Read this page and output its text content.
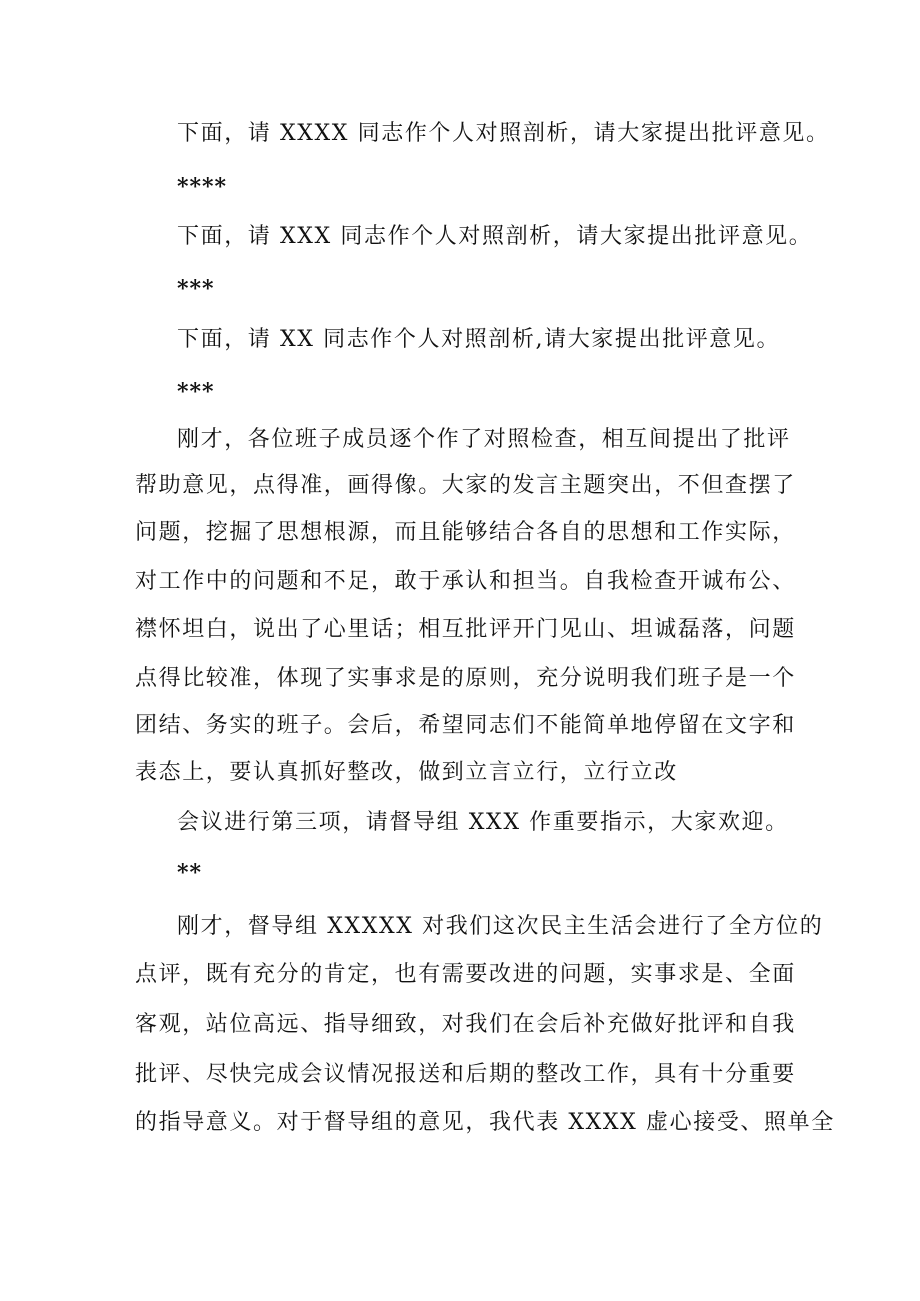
下面，请 XXXX 同志作个人对照剖析，请大家提出批评意见。

****

下面，请 XXX 同志作个人对照剖析，请大家提出批评意见。

***

下面，请 XX 同志作个人对照剖析,请大家提出批评意见。

***

刚才，各位班子成员逐个作了对照检查，相互间提出了批评

帮助意见，点得准，画得像。大家的发言主题突出，不但查摆了

问题，挖掘了思想根源，而且能够结合各自的思想和工作实际，

对工作中的问题和不足，敢于承认和担当。自我检查开诚布公、

襟怀坦白，说出了心里话；相互批评开门见山、坦诚磊落，问题

点得比较准，体现了实事求是的原则，充分说明我们班子是一个

团结、务实的班子。会后，希望同志们不能简单地停留在文字和

表态上，要认真抓好整改，做到立言立行，立行立改

会议进行第三项，请督导组 XXX 作重要指示，大家欢迎。

**

刚才，督导组 XXXXX 对我们这次民主生活会进行了全方位的

点评，既有充分的肯定，也有需要改进的问题，实事求是、全面

客观，站位高远、指导细致，对我们在会后补充做好批评和自我

批评、尽快完成会议情况报送和后期的整改工作，具有十分重要

的指导意义。对于督导组的意见，我代表 XXXX 虚心接受、照单全
